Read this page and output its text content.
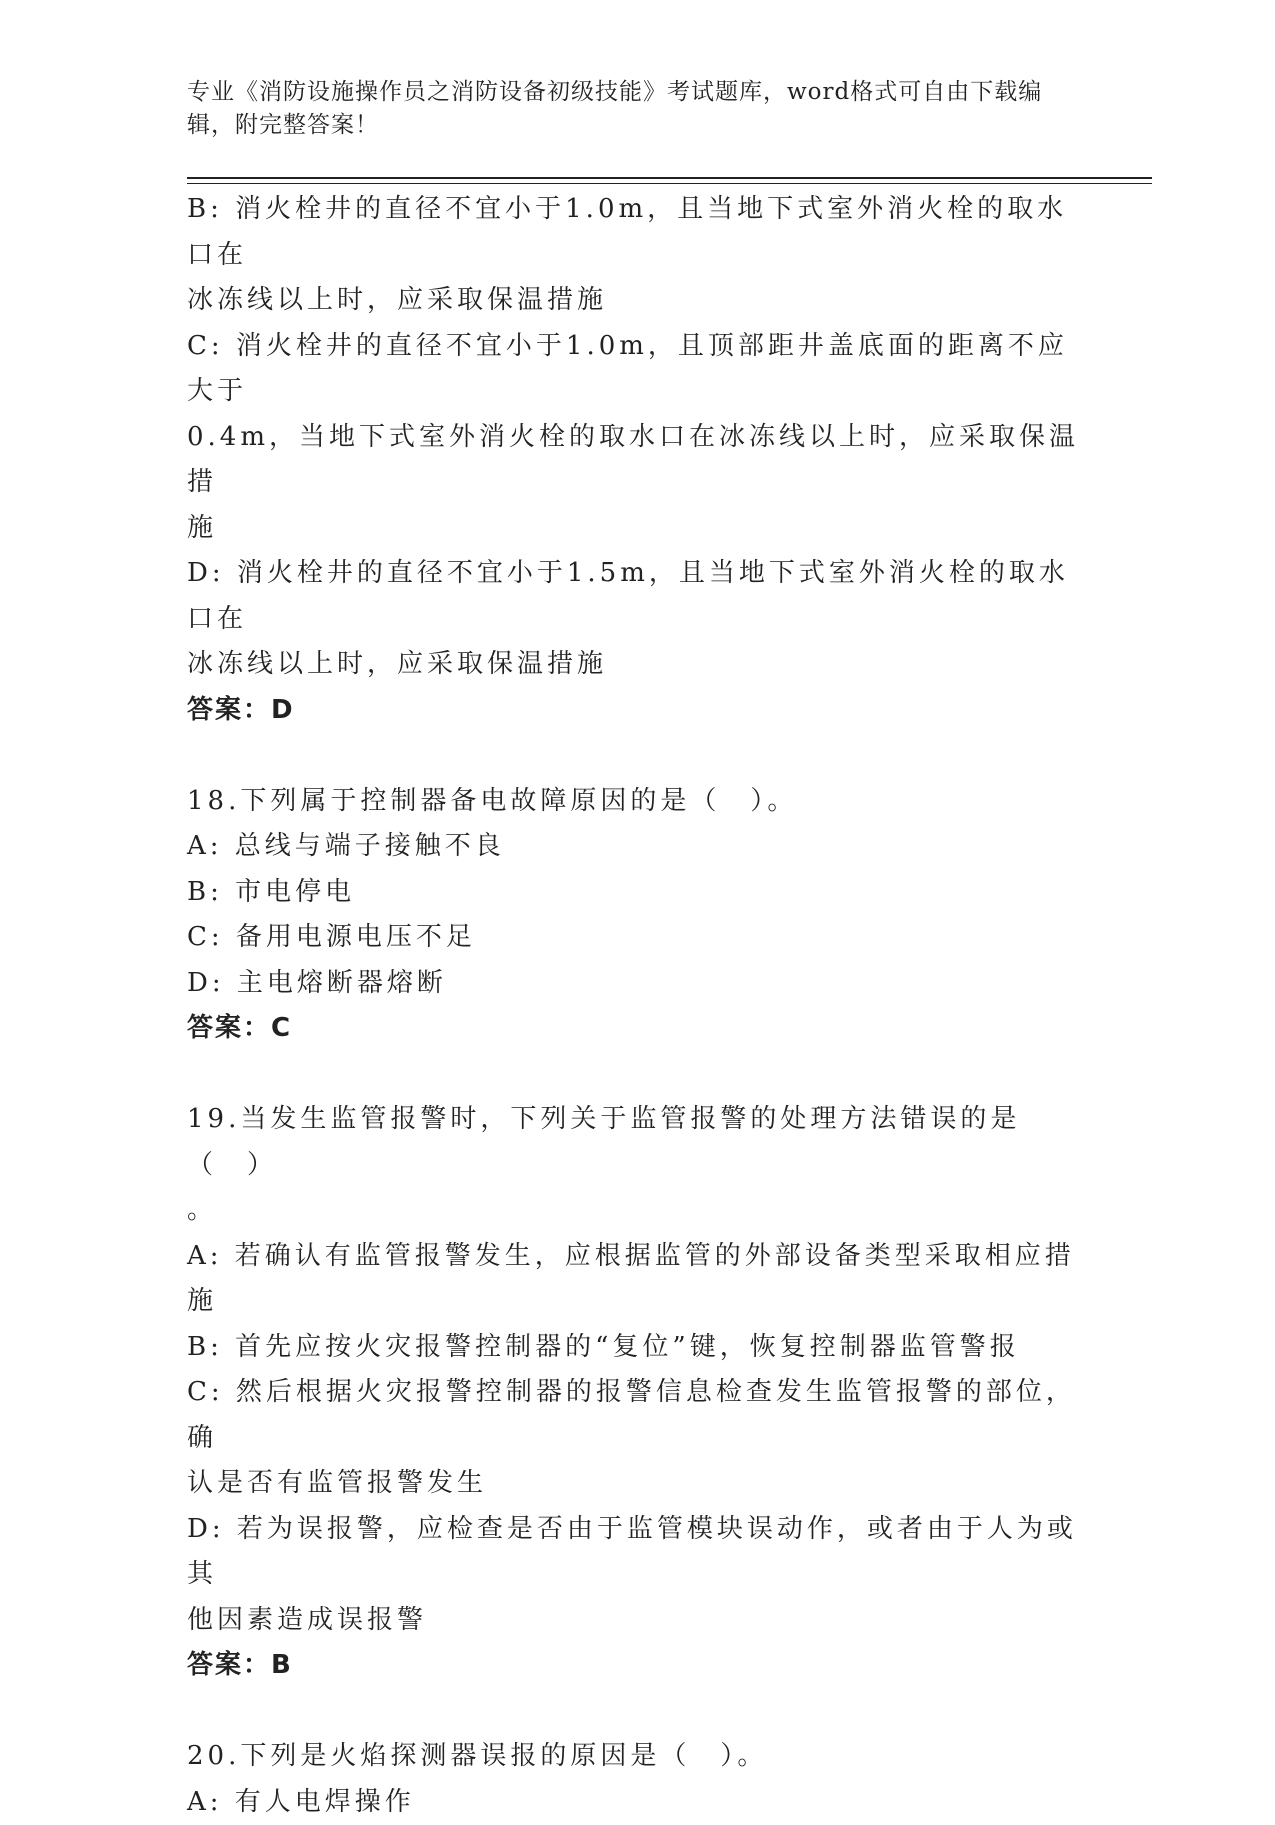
专业《消防设施操作员之消防设备初级技能》考试题库，word格式可自由下载编
辑，附完整答案！

B: 消火栓井的直径不宜小于1.0m，且当地下式室外消火栓的取水口在

冰冻线以上时，应采取保温措施

C: 消火栓井的直径不宜小于1.0m，且顶部距井盖底面的距离不应大于

0.4m，当地下式室外消火栓的取水口在冰冻线以上时，应采取保温措

施

D: 消火栓井的直径不宜小于1.5m，且当地下式室外消火栓的取水口在

冰冻线以上时，应采取保温措施

答案：D

18.下列属于控制器备电故障原因的是（　）。

A: 总线与端子接触不良

B: 市电停电

C: 备用电源电压不足

D: 主电熔断器熔断

答案：C

19.当发生监管报警时，下列关于监管报警的处理方法错误的是（　）

。

A: 若确认有监管报警发生，应根据监管的外部设备类型采取相应措施

B: 首先应按火灾报警控制器的“复位”键，恢复控制器监管警报

C: 然后根据火灾报警控制器的报警信息检查发生监管报警的部位，确

认是否有监管报警发生

D: 若为误报警，应检查是否由于监管模块误动作，或者由于人为或其

他因素造成误报警

答案：B

20.下列是火焰探测器误报的原因是（　）。

A: 有人电焊操作
